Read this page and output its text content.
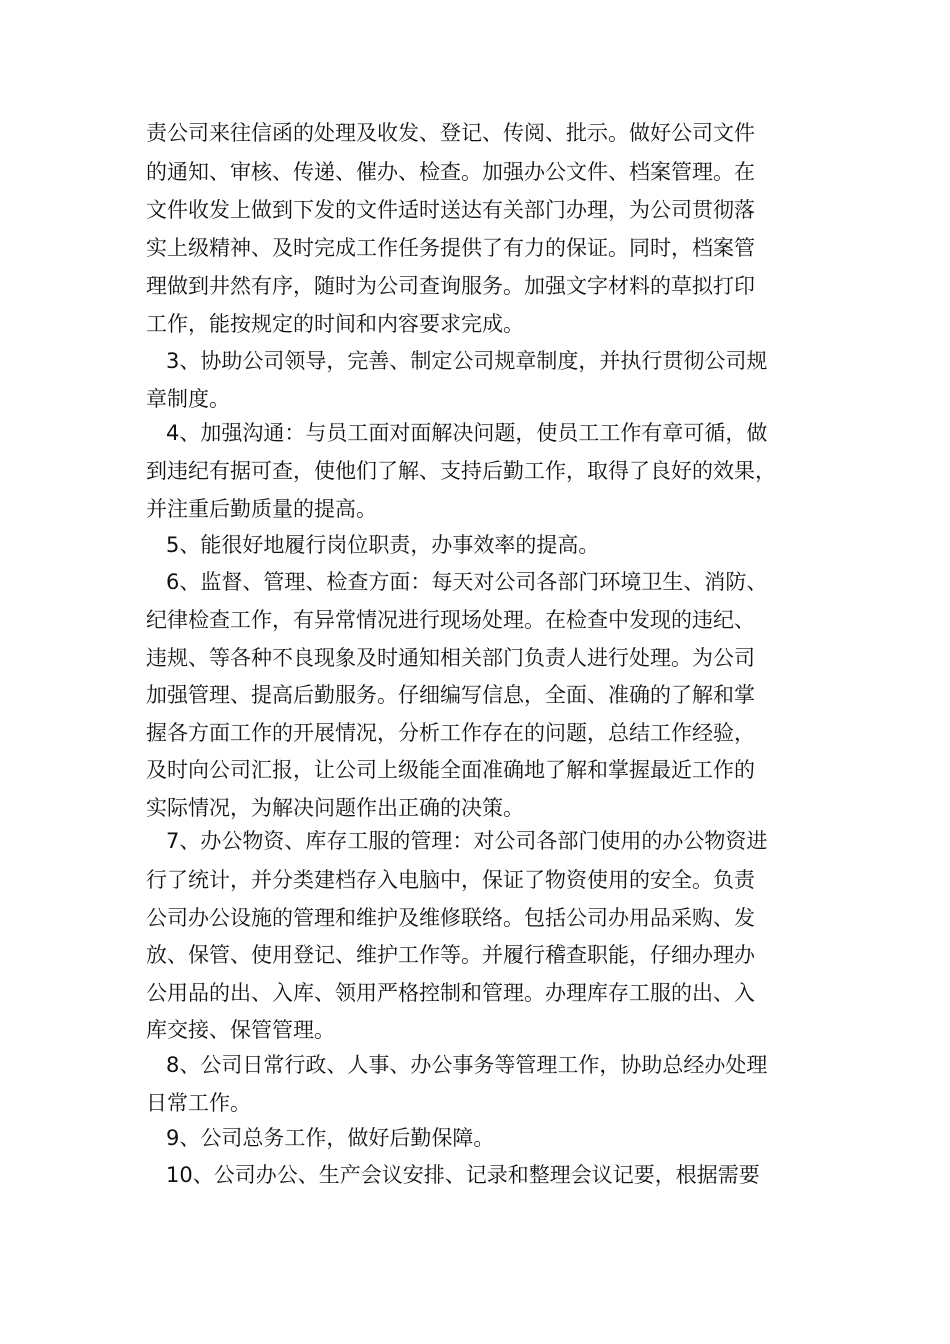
责公司来往信函的处理及收发、登记、传阅、批示。做好公司文件
的通知、审核、传递、催办、检查。加强办公文件、档案管理。在
文件收发上做到下发的文件适时送达有关部门办理，为公司贯彻落
实上级精神、及时完成工作任务提供了有力的保证。同时，档案管
理做到井然有序，随时为公司查询服务。加强文字材料的草拟打印
工作，能按规定的时间和内容要求完成。
3、协助公司领导，完善、制定公司规章制度，并执行贯彻公司规
章制度。
4、加强沟通：与员工面对面解决问题，使员工工作有章可循，做
到违纪有据可查，使他们了解、支持后勤工作，取得了良好的效果，
并注重后勤质量的提高。
5、能很好地履行岗位职责，办事效率的提高。
6、监督、管理、检查方面：每天对公司各部门环境卫生、消防、
纪律检查工作，有异常情况进行现场处理。在检查中发现的违纪、
违规、等各种不良现象及时通知相关部门负责人进行处理。为公司
加强管理、提高后勤服务。仔细编写信息，全面、准确的了解和掌
握各方面工作的开展情况，分析工作存在的问题，总结工作经验，
及时向公司汇报，让公司上级能全面准确地了解和掌握最近工作的
实际情况，为解决问题作出正确的决策。
7、办公物资、库存工服的管理：对公司各部门使用的办公物资进
行了统计，并分类建档存入电脑中，保证了物资使用的安全。负责
公司办公设施的管理和维护及维修联络。包括公司办用品采购、发
放、保管、使用登记、维护工作等。并履行稽查职能，仔细办理办
公用品的出、入库、领用严格控制和管理。办理库存工服的出、入
库交接、保管管理。
8、公司日常行政、人事、办公事务等管理工作，协助总经办处理
日常工作。
9、公司总务工作，做好后勤保障。
10、公司办公、生产会议安排、记录和整理会议记要，根据需要
